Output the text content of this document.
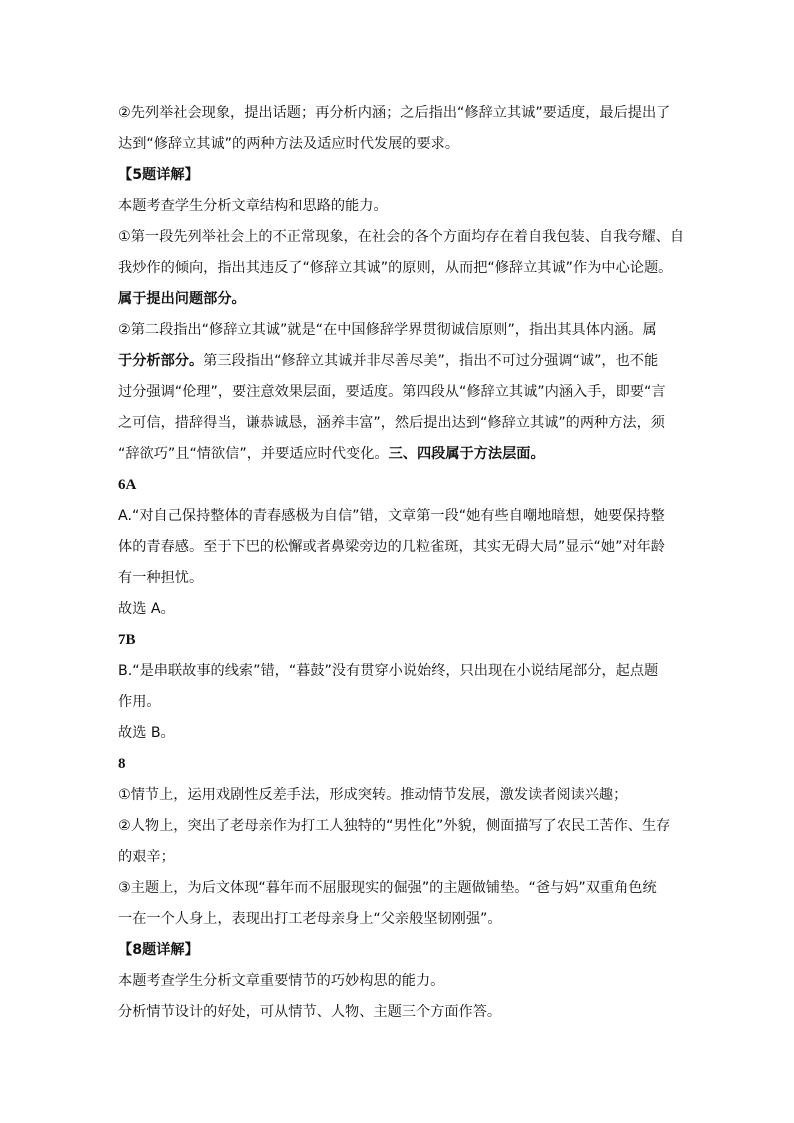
②先列举社会现象，提出话题；再分析内涵；之后指出“修辞立其诚”要适度，最后提出了
达到“修辞立其诚”的两种方法及适应时代发展的要求。
【5题详解】
本题考查学生分析文章结构和思路的能力。
①第一段先列举社会上的不正常现象，在社会的各个方面均存在着自我包装、自我夸耀、自
我炒作的倾向，指出其违反了“修辞立其诚”的原则，从而把“修辞立其诚”作为中心论题。
属于提出问题部分。
②第二段指出“修辞立其诚”就是“在中国修辞学界贯彻诚信原则”，指出其具体内涵。属
于分析部分。第三段指出“修辞立其诚并非尽善尽美”，指出不可过分强调“诚”，也不能
过分强调“伦理”，要注意效果层面，要适度。第四段从“修辞立其诚”内涵入手，即要“言
之可信，措辞得当，谦恭诚恳，涵养丰富”，然后提出达到“修辞立其诚”的两种方法，须
“辞欲巧”且“情欲信”，并要适应时代变化。三、四段属于方法层面。
6A
A.“对自己保持整体的青春感极为自信”错，文章第一段“她有些自嘲地暗想，她要保持整
体的青春感。至于下巴的松懈或者鼻梁旁边的几粒雀斑，其实无碍大局”显示“她”对年龄
有一种担忧。
故选 A。
7B
B.“是串联故事的线索”错，“暮鼓”没有贯穿小说始终，只出现在小说结尾部分，起点题
作用。
故选 B。
8
①情节上，运用戏剧性反差手法，形成突转。推动情节发展，激发读者阅读兴趣；
②人物上，突出了老母亲作为打工人独特的“男性化”外貌，侧面描写了农民工苦作、生存
的艰辛；
③主题上，为后文体现“暮年而不屈服现实的倔强”的主题做铺垫。“爸与妈”双重角色统
一在一个人身上，表现出打工老母亲身上“父亲般坚韧刚强”。
【8题详解】
本题考查学生分析文章重要情节的巧妙构思的能力。
分析情节设计的好处，可从情节、人物、主题三个方面作答。
